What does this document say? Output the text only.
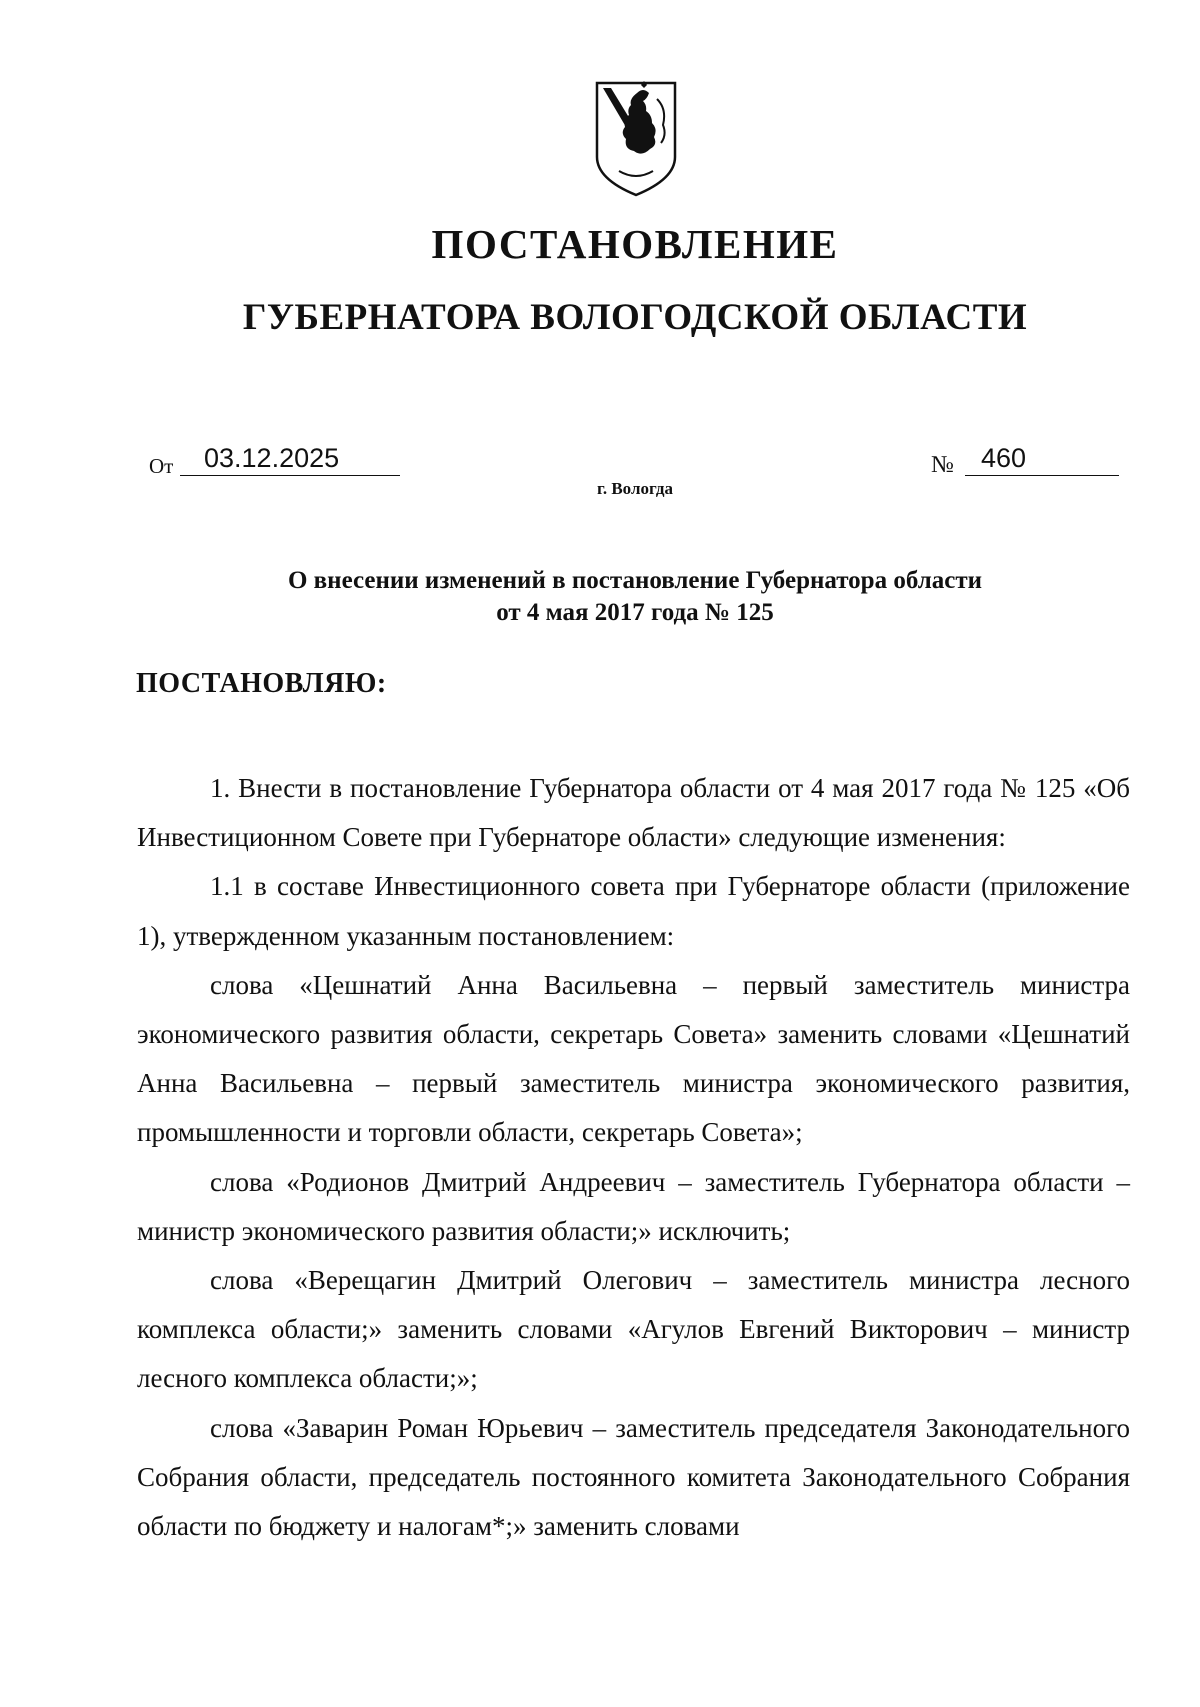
ПОСТАНОВЛЕНИЕ
ГУБЕРНАТОРА ВОЛОГОДСКОЙ ОБЛАСТИ
От	03.12.2025	№	460
г. Вологда
О внесении изменений в постановление Губернатора области
от 4 мая 2017 года № 125

ПОСТАНОВЛЯЮ:

1. Внести в постановление Губернатора области от 4 мая 2017 года № 125 «Об Инвестиционном Совете при Губернаторе области» следующие изменения:

1.1 в составе Инвестиционного совета при Губернаторе области (приложение 1), утвержденном указанным постановлением:

слова «Цешнатий Анна Васильевна – первый заместитель министра экономического развития области, секретарь Совета» заменить словами «Цешнатий Анна Васильевна – первый заместитель министра экономического развития, промышленности и торговли области, секретарь Совета»;

слова «Родионов Дмитрий Андреевич – заместитель Губернатора области – министр экономического развития области;» исключить;

слова «Верещагин Дмитрий Олегович – заместитель министра лесного комплекса области;» заменить словами «Агулов Евгений Викторович – министр лесного комплекса области;»;

слова «Заварин Роман Юрьевич – заместитель председателя Законодательного Собрания области, председатель постоянного комитета Законодательного Собрания области по бюджету и налогам*;» заменить словами
